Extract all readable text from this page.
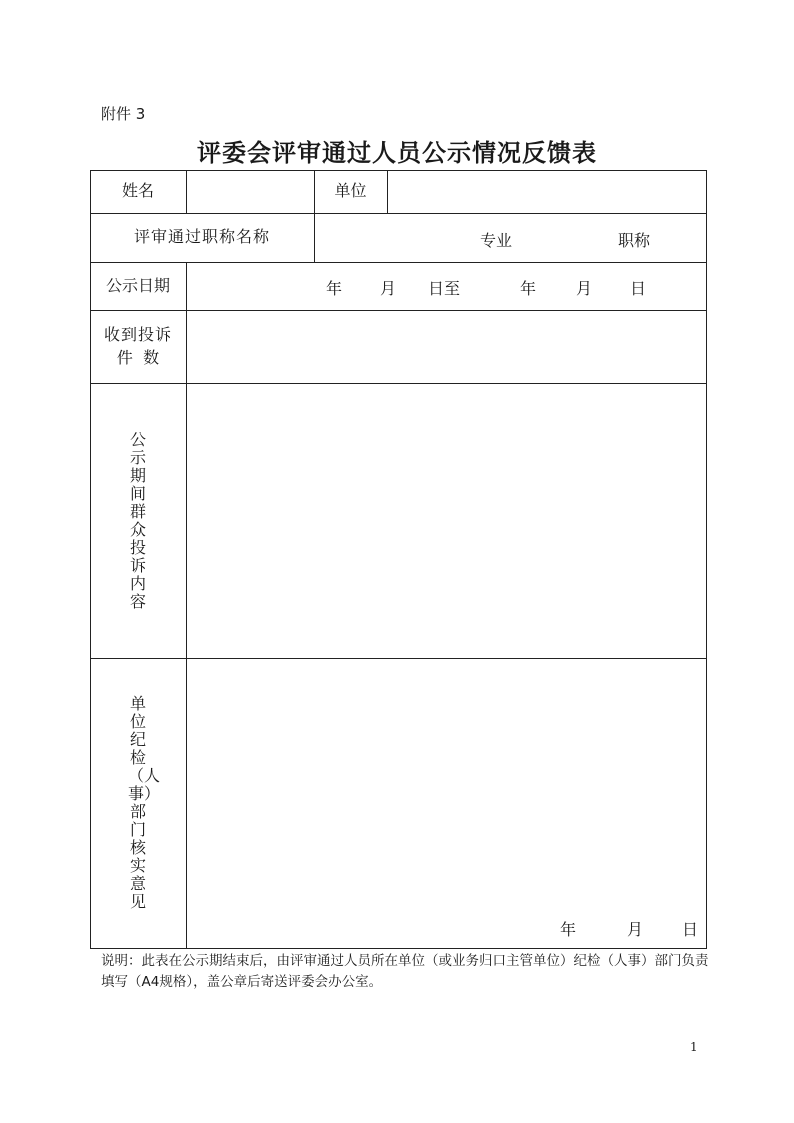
附件 3
评委会评审通过人员公示情况反馈表
姓名	单位
评审通过职称名称	专业	职称
公示日期	年 月 日至	年 月 日
收到投诉
件  数
公示期间群众投诉内容
单位纪检（人事）部门核实意见
年	月 日
说明：此表在公示期结束后，由评审通过人员所在单位（或业务归口主管单位）纪检（人事）部门负责填写（A4规格），盖公章后寄送评委会办公室。
1
